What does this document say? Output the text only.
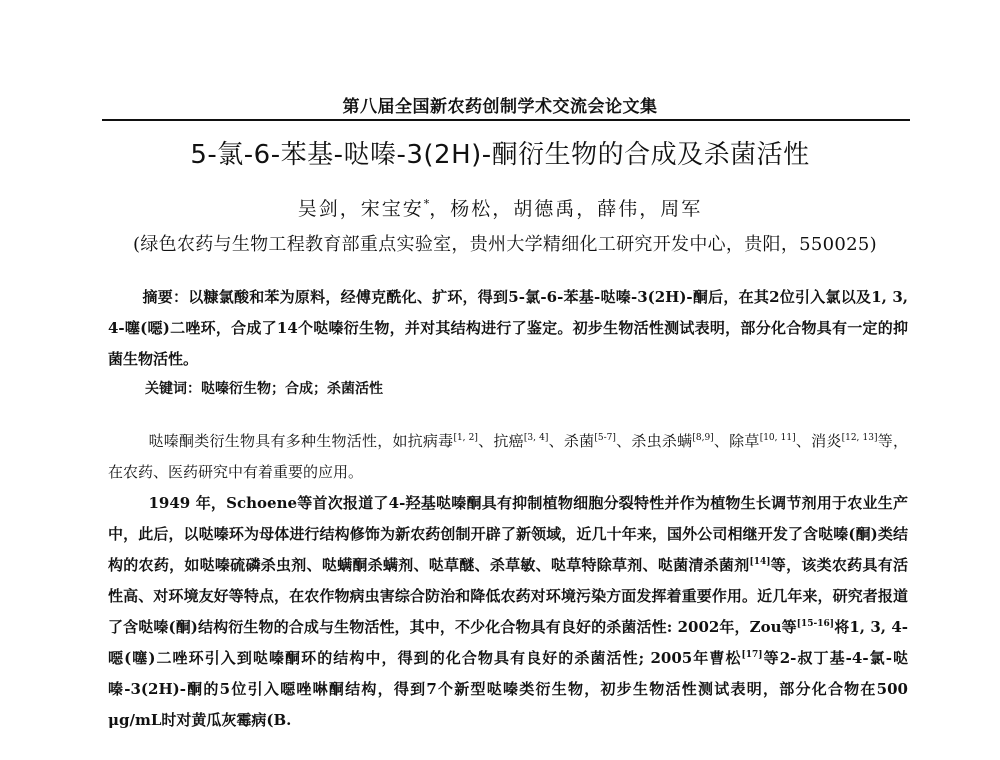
第八届全国新农药创制学术交流会论文集
5-氯-6-苯基-哒嗪-3(2H)-酮衍生物的合成及杀菌活性
吴剑，宋宝安*，杨松，胡德禹，薛伟，周军
(绿色农药与生物工程教育部重点实验室，贵州大学精细化工研究开发中心，贵阳，550025)
摘要：以糠氯酸和苯为原料，经傅克酰化、扩环，得到5-氯-6-苯基-哒嗪-3(2H)-酮后，在其2位引入氯以及1, 3, 4-噻(噁)二唑环，合成了14个哒嗪衍生物，并对其结构进行了鉴定。初步生物活性测试表明，部分化合物具有一定的抑菌生物活性。
关键词：哒嗪衍生物；合成；杀菌活性

哒嗪酮类衍生物具有多种生物活性，如抗病毒[1, 2]、抗癌[3, 4]、杀菌[5-7]、杀虫杀螨[8,9]、除草[10, 11]、消炎[12, 13]等，在农药、医药研究中有着重要的应用。

1949 年，Schoene等首次报道了4-羟基哒嗪酮具有抑制植物细胞分裂特性并作为植物生长调节剂用于农业生产中，此后，以哒嗪环为母体进行结构修饰为新农药创制开辟了新领域，近几十年来，国外公司相继开发了含哒嗪(酮)类结构的农药，如哒嗪硫磷杀虫剂、哒螨酮杀螨剂、哒草醚、杀草敏、哒草特除草剂、哒菌清杀菌剂[14]等，该类农药具有活性高、对环境友好等特点，在农作物病虫害综合防治和降低农药对环境污染方面发挥着重要作用。近几年来，研究者报道了含哒嗪(酮)结构衍生物的合成与生物活性，其中，不少化合物具有良好的杀菌活性: 2002年，Zou等[15-16]将1, 3, 4-噁(噻)二唑环引入到哒嗪酮环的结构中，得到的化合物具有良好的杀菌活性; 2005年曹松[17]等2-叔丁基-4-氯-哒嗪-3(2H)-酮的5位引入噁唑啉酮结构，得到7个新型哒嗪类衍生物，初步生物活性测试表明，部分化合物在500 μg/mL时对黄瓜灰霉病(B.
